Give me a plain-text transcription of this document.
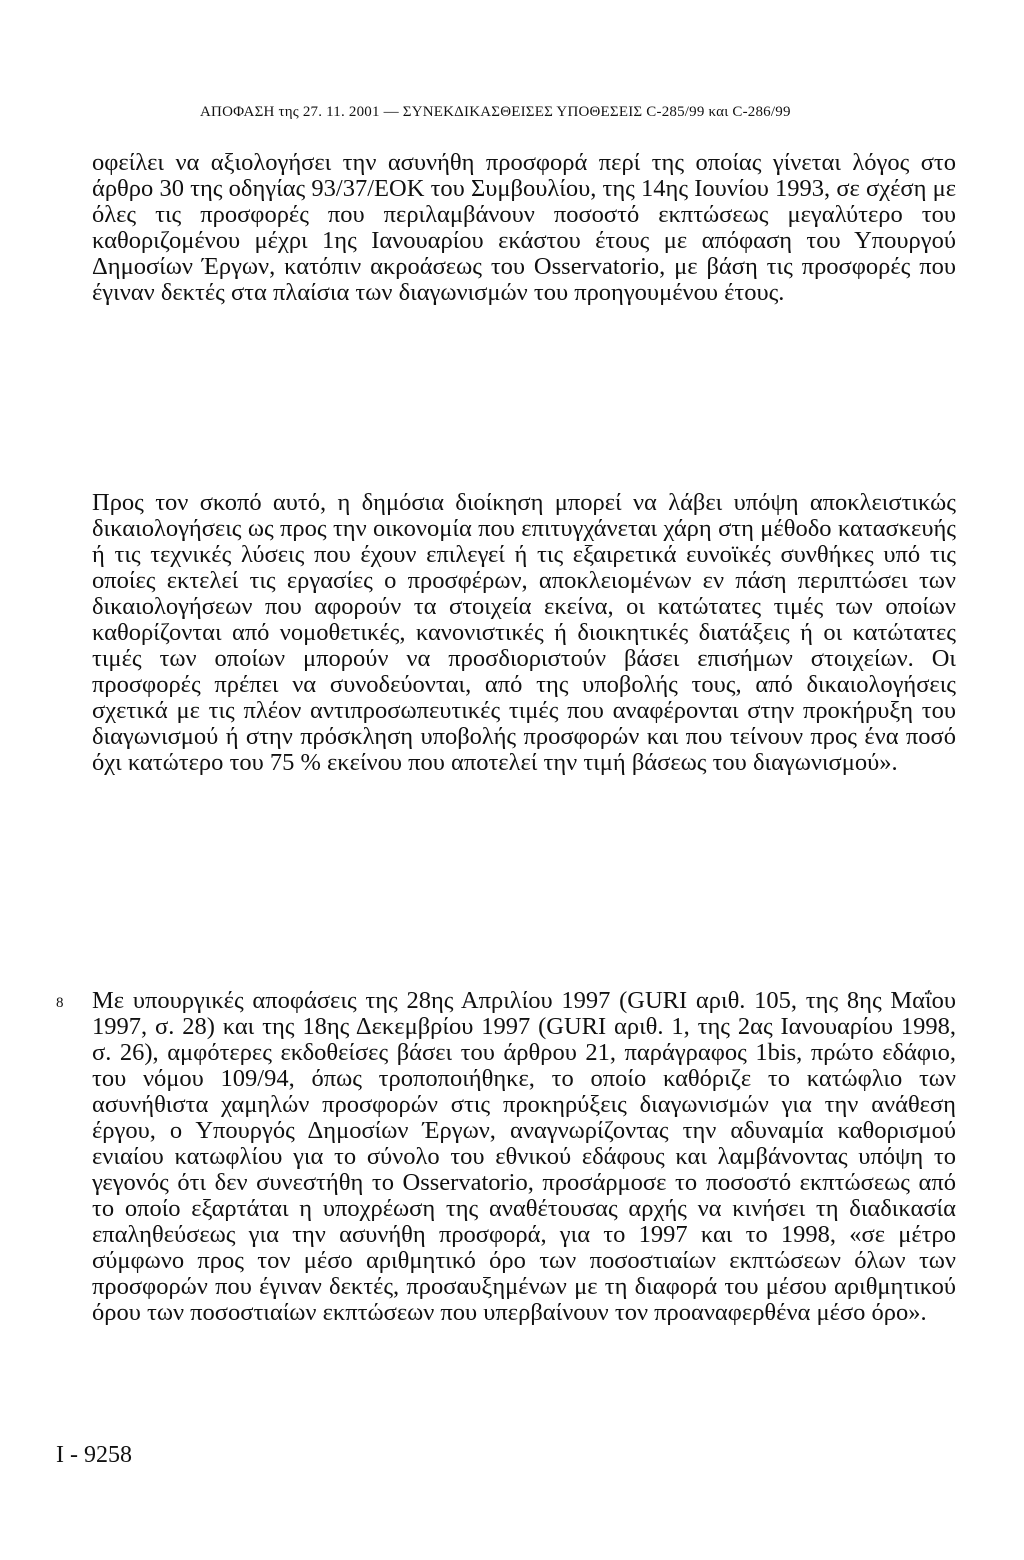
ΑΠΟΦΑΣΗ της 27. 11. 2001 — ΣΥΝΕΚΔΙΚΑΣΘΕΙΣΕΣ ΥΠΟΘΕΣΕΙΣ C-285/99 και C-286/99

οφείλει να αξιολογήσει την ασυνήθη προσφορά περί της οποίας γίνεται λόγος στο άρθρο 30 της οδηγίας 93/37/ΕΟΚ του Συμβουλίου, της 14ης Ιουνίου 1993, σε σχέση με όλες τις προσφορές που περιλαμβάνουν ποσοστό εκπτώσεως μεγαλύτερο του καθοριζομένου μέχρι 1ης Ιανουαρίου εκάστου έτους με απόφαση του Υπουργού Δημοσίων Έργων, κατόπιν ακροάσεως του Osservatorio, με βάση τις προσφορές που έγιναν δεκτές στα πλαίσια των διαγωνισμών του προηγουμένου έτους.

Προς τον σκοπό αυτό, η δημόσια διοίκηση μπορεί να λάβει υπόψη αποκλειστικώς δικαιολογήσεις ως προς την οικονομία που επιτυγχάνεται χάρη στη μέθοδο κατασκευής ή τις τεχνικές λύσεις που έχουν επιλεγεί ή τις εξαιρετικά ευνοϊκές συνθήκες υπό τις οποίες εκτελεί τις εργασίες ο προσφέρων, αποκλειομένων εν πάση περιπτώσει των δικαιολογήσεων που αφορούν τα στοιχεία εκείνα, οι κατώτατες τιμές των οποίων καθορίζονται από νομοθετικές, κανονιστικές ή διοικητικές διατάξεις ή οι κατώτατες τιμές των οποίων μπορούν να προσδιοριστούν βάσει επισήμων στοιχείων. Οι προσφορές πρέπει να συνοδεύονται, από της υποβολής τους, από δικαιολογήσεις σχετικά με τις πλέον αντιπροσωπευτικές τιμές που αναφέρονται στην προκήρυξη του διαγωνισμού ή στην πρόσκληση υποβολής προσφορών και που τείνουν προς ένα ποσό όχι κατώτερο του 75 % εκείνου που αποτελεί την τιμή βάσεως του διαγωνισμού».

8 Με υπουργικές αποφάσεις της 28ης Απριλίου 1997 (GURI αριθ. 105, της 8ης Μαΐου 1997, σ. 28) και της 18ης Δεκεμβρίου 1997 (GURI αριθ. 1, της 2ας Ιανουαρίου 1998, σ. 26), αμφότερες εκδοθείσες βάσει του άρθρου 21, παράγραφος 1bis, πρώτο εδάφιο, του νόμου 109/94, όπως τροποποιήθηκε, το οποίο καθόριζε το κατώφλιο των ασυνήθιστα χαμηλών προσφορών στις προκηρύξεις διαγωνισμών για την ανάθεση έργου, ο Υπουργός Δημοσίων Έργων, αναγνωρίζοντας την αδυναμία καθορισμού ενιαίου κατωφλίου για το σύνολο του εθνικού εδάφους και λαμβάνοντας υπόψη το γεγονός ότι δεν συνεστήθη το Osservatorio, προσάρμοσε το ποσοστό εκπτώσεως από το οποίο εξαρτάται η υποχρέωση της αναθέτουσας αρχής να κινήσει τη διαδικασία επαληθεύσεως για την ασυνήθη προσφορά, για το 1997 και το 1998, «σε μέτρο σύμφωνο προς τον μέσο αριθμητικό όρο των ποσοστιαίων εκπτώσεων όλων των προσφορών που έγιναν δεκτές, προσαυξημένων με τη διαφορά του μέσου αριθμητικού όρου των ποσοστιαίων εκπτώσεων που υπερβαίνουν τον προαναφερθένα μέσο όρο».

I - 9258
